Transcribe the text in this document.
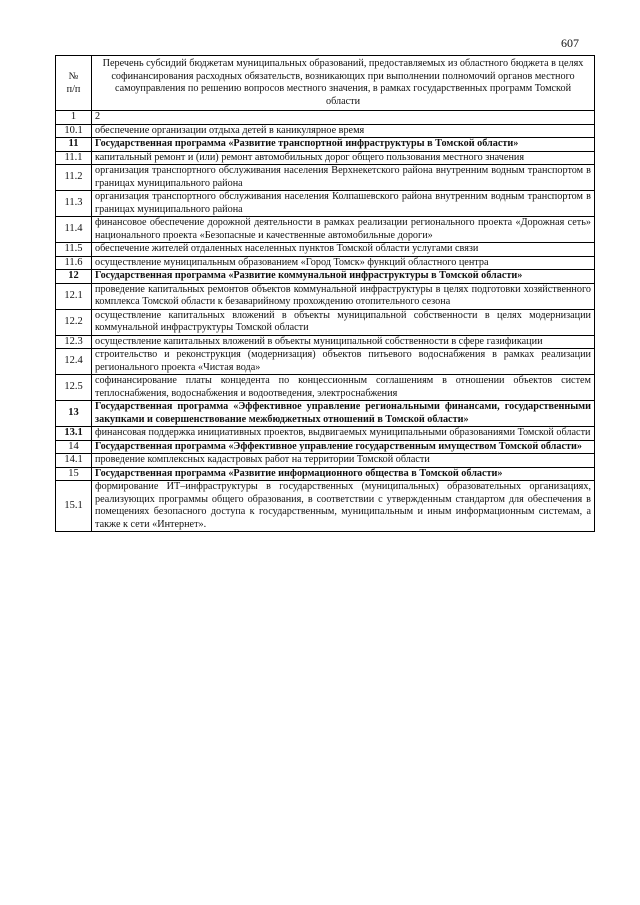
607
№
п/п	Перечень субсидий бюджетам муниципальных образований, предоставляемых из областного бюджета в целях софинансирования расходных обязательств, возникающих при выполнении полномочий органов местного самоуправления по решению вопросов местного значения, в рамках государственных программ Томской области
1	2
10.1	обеспечение организации отдыха детей в каникулярное время
11	Государственная программа «Развитие транспортной инфраструктуры в Томской области»
11.1	капитальный ремонт и (или) ремонт автомобильных дорог общего пользования местного значения
11.2	организация транспортного обслуживания населения Верхнекетского района внутренним водным транспортом в границах муниципального района
11.3	организация транспортного обслуживания населения Колпашевского района внутренним водным транспортом в границах муниципального района
11.4	финансовое обеспечение дорожной деятельности в рамках реализации регионального проекта «Дорожная сеть» национального проекта «Безопасные и качественные автомобильные дороги»
11.5	обеспечение жителей отдаленных населенных пунктов Томской области услугами связи
11.6	осуществление муниципальным образованием «Город Томск» функций областного центра
12	Государственная программа «Развитие коммунальной инфраструктуры в Томской области»
12.1	проведение капитальных ремонтов объектов коммунальной инфраструктуры в целях подготовки хозяйственного комплекса Томской области к безаварийному прохождению отопительного сезона
12.2	осуществление капитальных вложений в объекты муниципальной собственности в целях модернизации коммунальной инфраструктуры Томской области
12.3	осуществление капитальных вложений в объекты муниципальной собственности в сфере газификации
12.4	строительство и реконструкция (модернизация) объектов питьевого водоснабжения в рамках реализации регионального проекта «Чистая вода»
12.5	софинансирование платы концедента по концессионным соглашениям в отношении объектов систем теплоснабжения, водоснабжения и водоотведения, электроснабжения
13	Государственная программа «Эффективное управление региональными финансами, государственными закупками и совершенствование межбюджетных отношений в Томской области»
13.1	финансовая поддержка инициативных проектов, выдвигаемых муниципальными образованиями Томской области
14	Государственная программа «Эффективное управление государственным имуществом Томской области»
14.1	проведение комплексных кадастровых работ на территории Томской области
15	Государственная программа «Развитие информационного общества в Томской области»
15.1	формирование ИТ–инфраструктуры в государственных (муниципальных) образовательных организациях, реализующих программы общего образования, в соответствии с утвержденным стандартом для обеспечения в помещениях безопасного доступа к государственным, муниципальным и иным информационным системам, а также к сети «Интернет».
